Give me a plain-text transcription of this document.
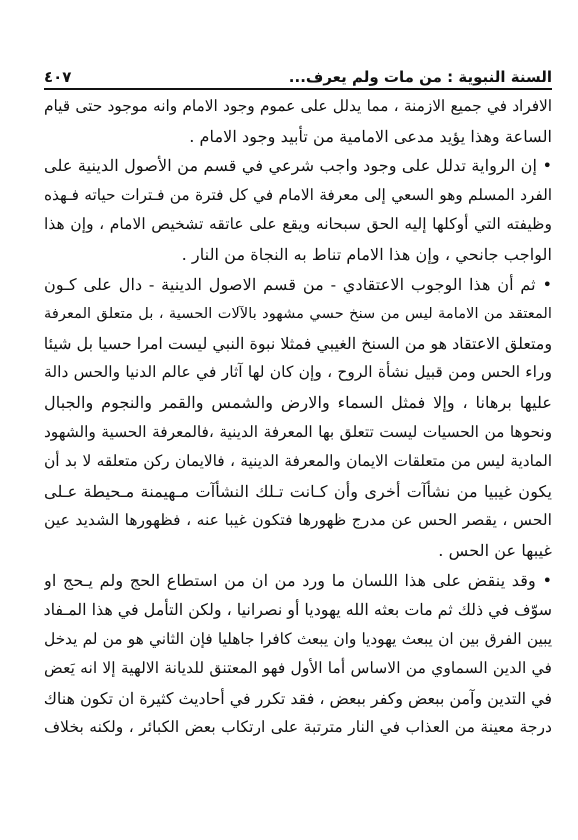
السنة النبوية : من مات ولم يعرف...
٤٠٧

الافراد في جميع الازمنة ، مما يدلل على عموم وجود الامام وانه موجود حتى قيام
الساعة وهذا يؤيد مدعى الامامية من تأبيد وجود الامام .

• إن الرواية تدلل على وجود واجب شرعي في قسم من الأصول الدينية على
الفرد المسلم وهو السعي إلى معرفة الامام في كل فترة من فـترات حياته فـهذه
وظيفته التي أوكلها إليه الحق سبحانه ويقع على عاتقه تشخيص الامام ، وإن هذا
الواجب جانحي ، وإن هذا الامام تناط به النجاة من النار .

• ثم أن هذا الوجوب الاعتقادي - من قسم الاصول الدينية - دال على كـون
المعتقد من الامامة ليس من سنخ حسي مشهود بالآلات الحسية ، بل متعلق المعرفة
ومتعلق الاعتقاد هو من السنخ الغيبي فمثلا نبوة النبي ليست امرا حسيا بل شيئا
وراء الحس ومن قبيل نشأة الروح ، وإن كان لها آثار في عالم الدنيا والحس دالة
عليها برهانا ، وإلا فمثل السماء والارض والشمس والقمر والنجوم والجبال
ونحوها من الحسيات ليست تتعلق بها المعرفة الدينية ،فالمعرفة الحسية والشهود
المادية ليس من متعلقات الايمان والمعرفة الدينية ، فالايمان ركن متعلقه لا بد أن
يكون غيبيا من نشأآت أخرى وأن كـانت تـلك النشأآت مـهيمنة مـحيطة عـلى
الحس ، يقصر الحس عن مدرج ظهورها فتكون غيبا عنه ، فظهورها الشديد عين
غيبها عن الحس .

• وقد ينقض على هذا اللسان ما ورد من ان من استطاع الحج ولم يـحج او
سوّف في ذلك ثم مات بعثه الله يهوديا أو نصرانيا ، ولكن التأمل في هذا المـفاد
يبين الفرق بين ان يبعث يهوديا وان يبعث كافرا جاهليا فإن الثاني هو من لم يدخل
في الدين السماوي من الاساس أما الأول فهو المعتنق للديانة الالهية إلا انه يَعض
في التدين وآمن ببعض وكفر ببعض ، فقد تكرر في أحاديث كثيرة ان تكون هناك
درجة معينة من العذاب في النار مترتبة على ارتكاب بعض الكبائر ، ولكنه بخلاف
